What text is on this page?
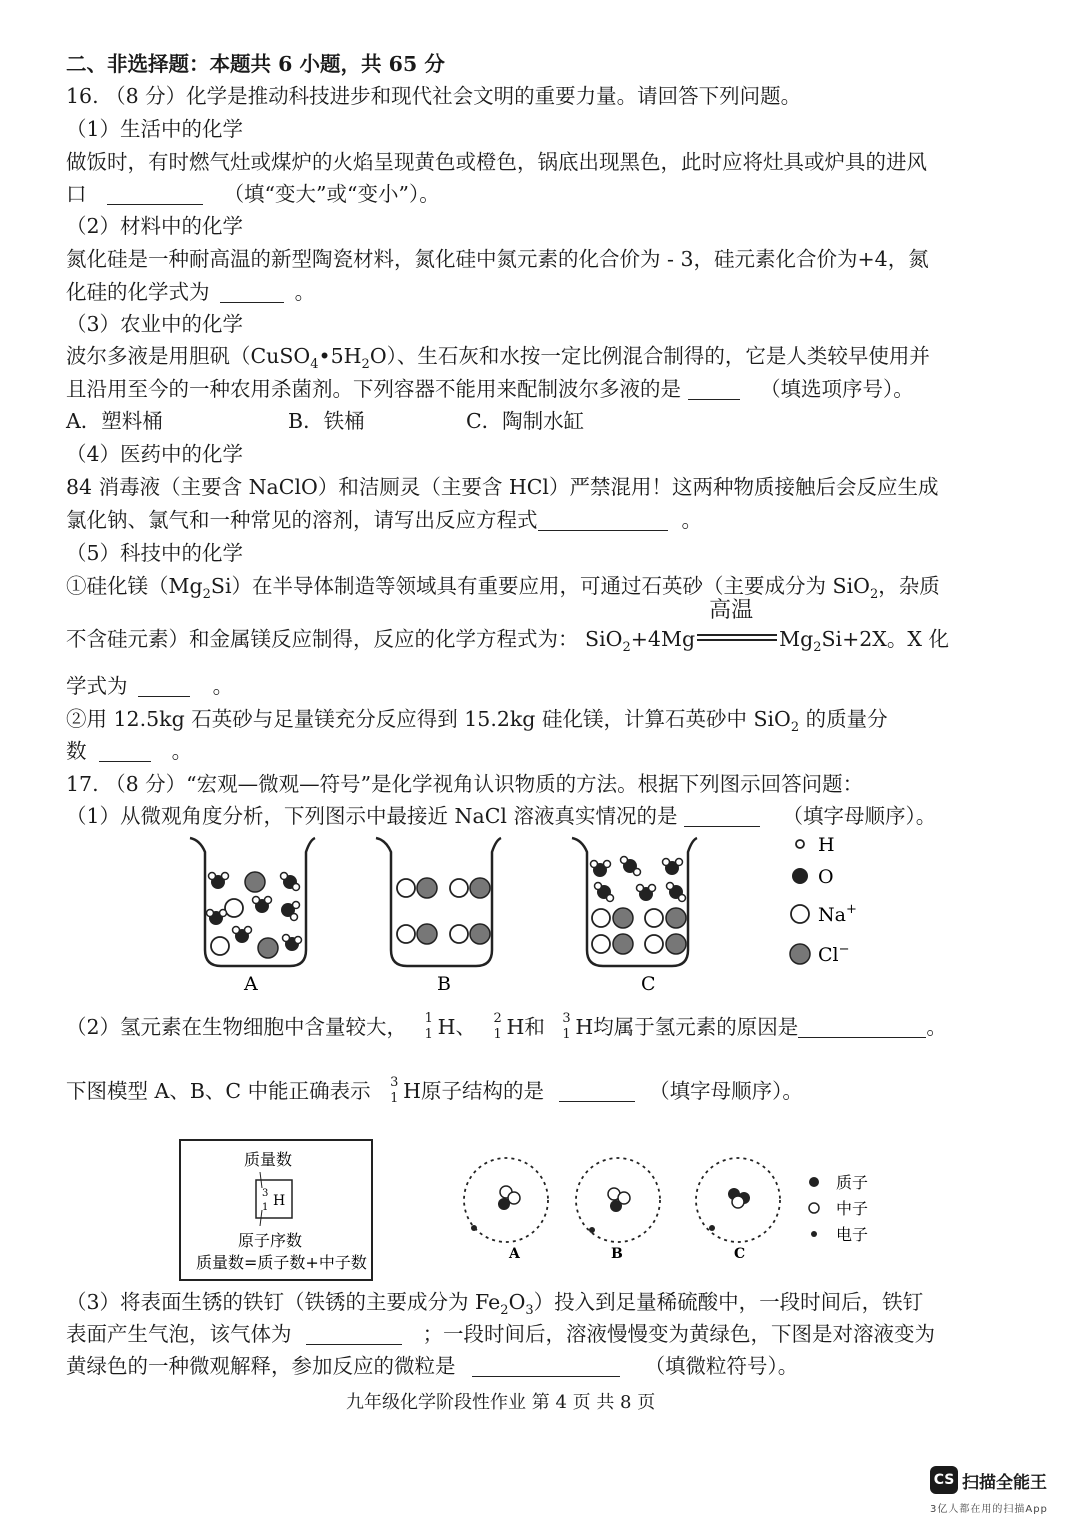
二、非选择题：本题共 6 小题，共 65 分
16. （8 分）化学是推动科技进步和现代社会文明的重要力量。请回答下列问题。
（1）生活中的化学
做饭时，有时燃气灶或煤炉的火焰呈现黄色或橙色，锅底出现黑色，此时应将灶具或炉具的进风
口	（填“变大”或“变小”）。
（2）材料中的化学
氮化硅是一种耐高温的新型陶瓷材料，氮化硅中氮元素的化合价为 - 3，硅元素化合价为+4，氮
化硅的化学式为	。
（3）农业中的化学
波尔多液是用胆矾$(CuSO_4•5H_2O)$、生石灰和水按一定比例混合制得的，它是人类较早使用并
且沿用至今的一种农用杀菌剂。下列容器不能用来配制波尔多液的是	（填选项序号）。
A．塑料桶	B．铁桶	C．陶制水缸
（4）医药中的化学
84 消毒液（主要含 NaClO）和洁厕灵（主要含 HCl）严禁混用！这两种物质接触后会反应生成
氯化钠、氯气和一种常见的溶剂，请写出反应方程式	。
（5）科技中的化学
①硅化镁$(Mg_2Si)$在半导体制造等领域具有重要应用，可通过石英砂（主要成分为 SiO$_2$，杂质
不含硅元素）和金属镁反应制得，反应的化学方程式为： SiO$_2$+4Mg
高温
$Mg_2Si+2X$。X 化
学式为	。
②用 12.5kg 石英砂与足量镁充分反应得到 15.2kg 硅化镁，计算石英砂中 SiO$_2$ 的质量分
数	。
17. （8 分）“宏观—微观—符号”是化学视角认识物质的方法。根据下列图示回答问题：
（1）从微观角度分析，下列图示中最接近 NaCl 溶液真实情况的是	（填字母顺序）。
H
O
Na+
Cl−
A	B	C
（2）氢元素在生物细胞中含量较大， 1
1 H、 2
1 H和 3
1 H均属于氢元素的原因是	。
下图模型 A、B、C 中能正确表示 3
1 H原子结构的是	（填字母顺序）。
质量数
3
1 H
原子序数
质量数=质子数+中子数	A	B	C
质子
中子
电子
（3）将表面生锈的铁钉（铁锈的主要成分为 $Fe_2O_3$）投入到足量稀硫酸中，一段时间后，铁钉
表面产生气泡，该气体为	；一段时间后，溶液慢慢变为黄绿色，下图是对溶液变为
黄绿色的一种微观解释，参加反应的微粒是	（填微粒符号）。
九年级化学阶段性作业 第 4 页 共 8 页
CS 扫描全能王
3亿人都在用的扫描App
